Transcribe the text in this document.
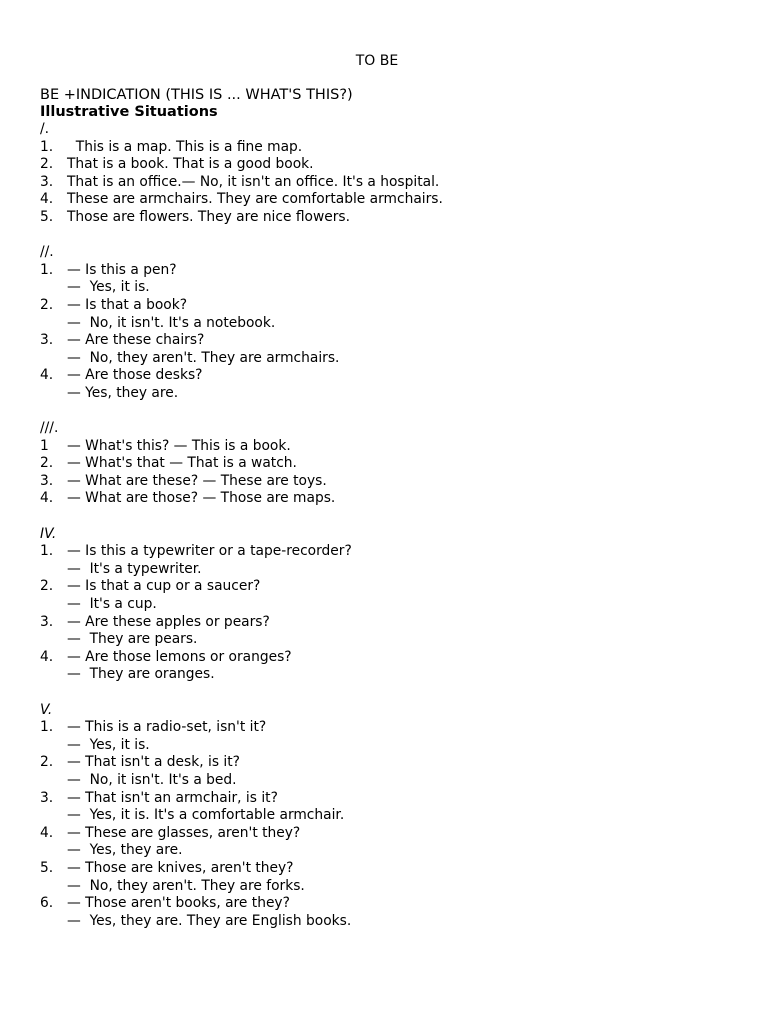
TO BE
BE +INDICATION (THIS IS ... WHAT'S THIS?)
Illustrative Situations
/.
1.  This is a map. This is a fine map.
2. That is a book. That is a good book.
3. That is an office.— No, it isn't an office. It's a hospital.
4. These are armchairs. They are comfortable armchairs.
5. Those are flowers. They are nice flowers.
//.
1. — Is this a pen?
—  Yes, it is.
2. — Is that a book?
—  No, it isn't. It's a notebook.
3. — Are these chairs?
—  No, they aren't. They are armchairs.
4. — Are those desks?
— Yes, they are.
///.
1 — What's this? — This is a book.
2. — What's that — That is a watch.
3. — What are these? — These are toys.
4. — What are those? — Those are maps.
IV.
1. — Is this a typewriter or a tape-recorder?
—  It's a typewriter.
2. — Is that a cup or a saucer?
—  It's a cup.
3. — Are these apples or pears?
—  They are pears.
4. — Are those lemons or oranges?
—  They are oranges.
V.
1. — This is a radio-set, isn't it?
—  Yes, it is.
2. — That isn't a desk, is it?
—  No, it isn't. It's a bed.
3. — That isn't an armchair, is it?
—  Yes, it is. It's a comfortable armchair.
4. — These are glasses, aren't they?
—  Yes, they are.
5. — Those are knives, aren't they?
—  No, they aren't. They are forks.
6. — Those aren't books, are they?
—  Yes, they are. They are English books.
